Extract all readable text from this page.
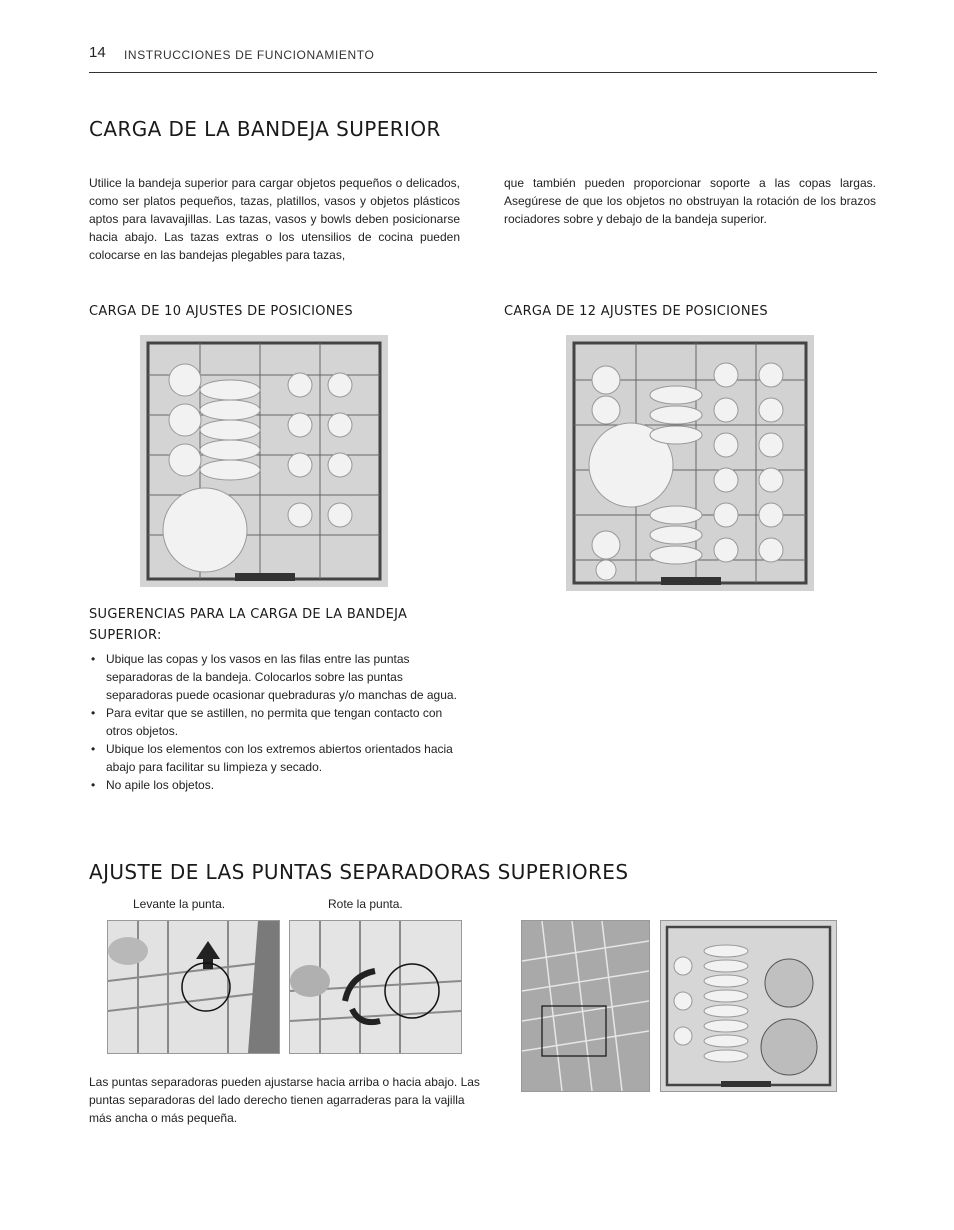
14 INSTRUCCIONES DE FUNCIONAMIENTO
CARGA DE LA BANDEJA SUPERIOR
Utilice la bandeja superior para cargar objetos pequeños o delicados, como ser platos pequeños, tazas, platillos, vasos y objetos plásticos aptos para lavavajillas. Las tazas, vasos y bowls deben posicionarse hacia abajo. Las tazas extras o los utensilios de cocina pueden colocarse en las bandejas plegables para tazas,
que también pueden proporcionar soporte a las copas largas. Asegúrese de que los objetos no obstruyan la rotación de los brazos rociadores sobre y debajo de la bandeja superior.
CARGA DE 10 AJUSTES DE POSICIONES	CARGA DE 12 AJUSTES DE POSICIONES
SUGERENCIAS PARA LA CARGA DE LA BANDEJA
SUPERIOR:
• Ubique las copas y los vasos en las filas entre las puntas separadoras de la bandeja. Colocarlos sobre las puntas separadoras puede ocasionar quebraduras y/o manchas de agua.
• Para evitar que se astillen, no permita que tengan contacto con otros objetos.
• Ubique los elementos con los extremos abiertos orientados hacia abajo para facilitar su limpieza y secado.
• No apile los objetos.
AJUSTE DE LAS PUNTAS SEPARADORAS SUPERIORES
Levante la punta.	Rote la punta.
Las puntas separadoras pueden ajustarse hacia arriba o hacia abajo. Las puntas separadoras del lado derecho tienen agarraderas para la vajilla más ancha o más pequeña.
